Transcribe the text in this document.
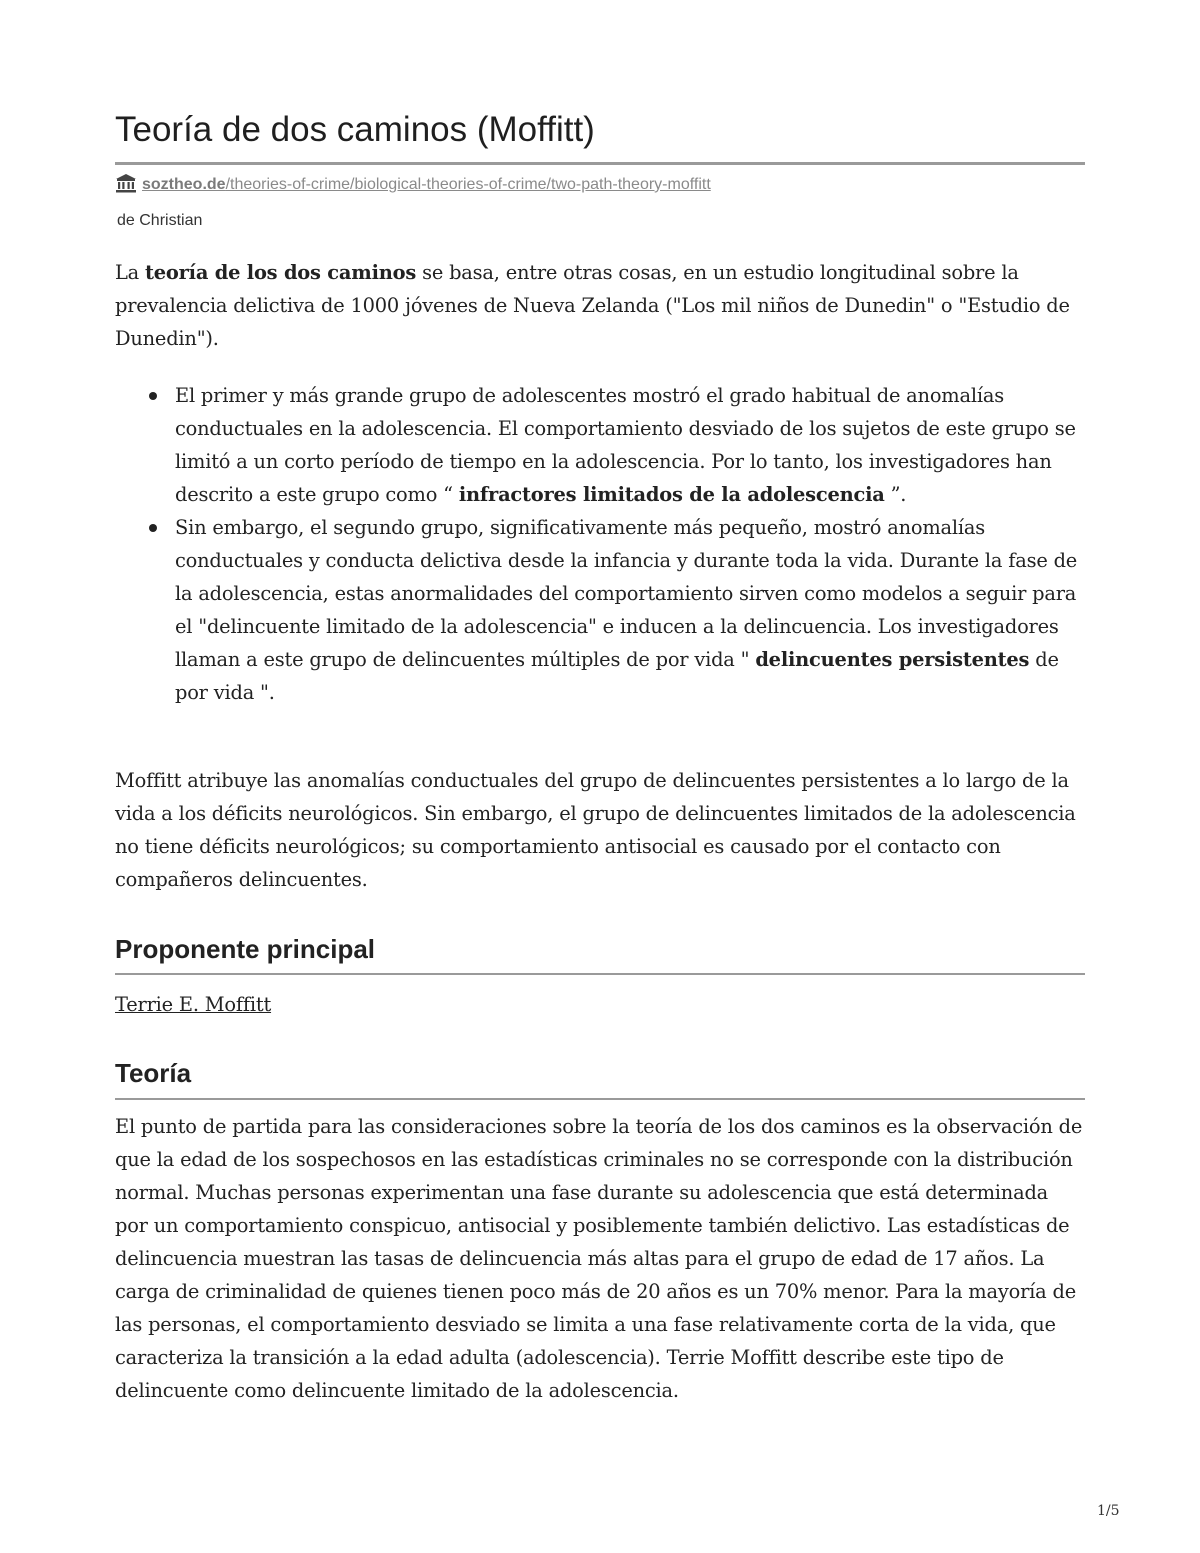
Teoría de dos caminos (Moffitt)
soztheo.de/theories-of-crime/biological-theories-of-crime/two-path-theory-moffitt
de Christian

La teoría de los dos caminos se basa, entre otras cosas, en un estudio longitudinal sobre la prevalencia delictiva de 1000 jóvenes de Nueva Zelanda ("Los mil niños de Dunedin" o "Estudio de Dunedin").

El primer y más grande grupo de adolescentes mostró el grado habitual de anomalías conductuales en la adolescencia. El comportamiento desviado de los sujetos de este grupo se limitó a un corto período de tiempo en la adolescencia. Por lo tanto, los investigadores han descrito a este grupo como “ infractores limitados de la adolescencia ”.
Sin embargo, el segundo grupo, significativamente más pequeño, mostró anomalías conductuales y conducta delictiva desde la infancia y durante toda la vida. Durante la fase de la adolescencia, estas anormalidades del comportamiento sirven como modelos a seguir para el "delincuente limitado de la adolescencia" e inducen a la delincuencia. Los investigadores llaman a este grupo de delincuentes múltiples de por vida " delincuentes persistentes de por vida ".

Moffitt atribuye las anomalías conductuales del grupo de delincuentes persistentes a lo largo de la vida a los déficits neurológicos. Sin embargo, el grupo de delincuentes limitados de la adolescencia no tiene déficits neurológicos; su comportamiento antisocial es causado por el contacto con compañeros delincuentes.

Proponente principal
Terrie E. Moffitt
Teoría

El punto de partida para las consideraciones sobre la teoría de los dos caminos es la observación de que la edad de los sospechosos en las estadísticas criminales no se corresponde con la distribución normal. Muchas personas experimentan una fase durante su adolescencia que está determinada por un comportamiento conspicuo, antisocial y posiblemente también delictivo. Las estadísticas de delincuencia muestran las tasas de delincuencia más altas para el grupo de edad de 17 años. La carga de criminalidad de quienes tienen poco más de 20 años es un 70% menor. Para la mayoría de las personas, el comportamiento desviado se limita a una fase relativamente corta de la vida, que caracteriza la transición a la edad adulta (adolescencia). Terrie Moffitt describe este tipo de delincuente como delincuente limitado de la adolescencia.

1/5
